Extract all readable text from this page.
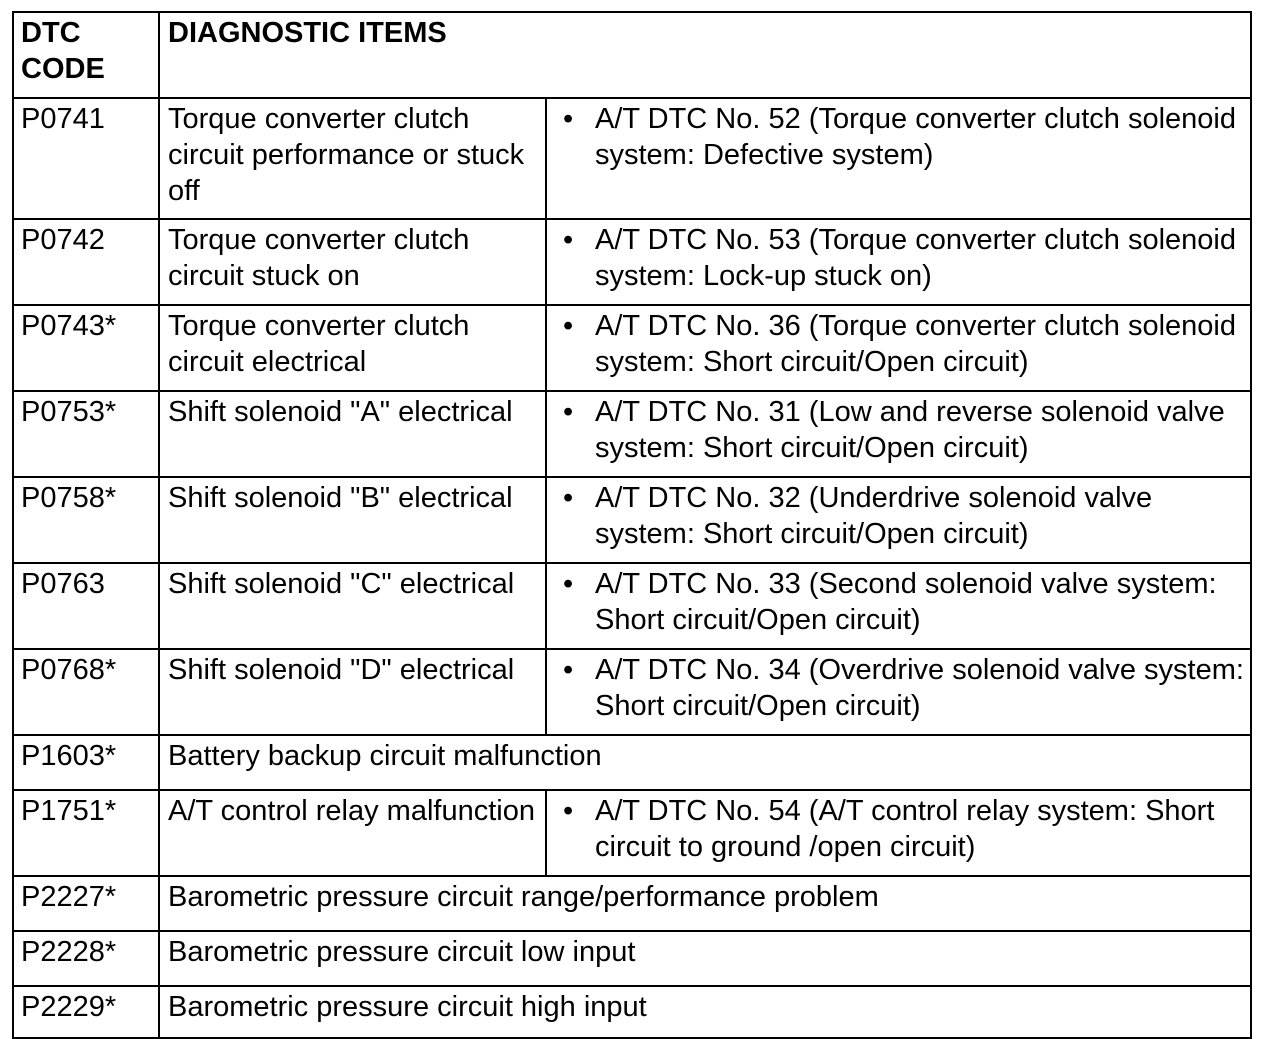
DTC
CODE	DIAGNOSTIC ITEMS	
P0741	Torque converter clutch circuit performance or stuck off	• A/T DTC No. 52 (Torque converter clutch solenoid system: Defective system)

P0742	Torque converter clutch circuit stuck on	• A/T DTC No. 53 (Torque converter clutch solenoid system: Lock-up stuck on)

P0743*	Torque converter clutch circuit electrical	• A/T DTC No. 36 (Torque converter clutch solenoid system: Short circuit/Open circuit)

P0753*	Shift solenoid "A" electrical	• A/T DTC No. 31 (Low and reverse solenoid valve system: Short circuit/Open circuit)

P0758*	Shift solenoid "B" electrical	• A/T DTC No. 32 (Underdrive solenoid valve system: Short circuit/Open circuit)

P0763	Shift solenoid "C" electrical	• A/T DTC No. 33 (Second solenoid valve system: Short circuit/Open circuit)

P0768*	Shift solenoid "D" electrical	• A/T DTC No. 34 (Overdrive solenoid valve system: Short circuit/Open circuit)

P1603*	Battery backup circuit malfunction	
P1751*	A/T control relay malfunction	• A/T DTC No. 54 (A/T control relay system: Short circuit to ground /open circuit)

P2227*	Barometric pressure circuit range/performance problem	
P2228*	Barometric pressure circuit low input	
P2229*	Barometric pressure circuit high input	
